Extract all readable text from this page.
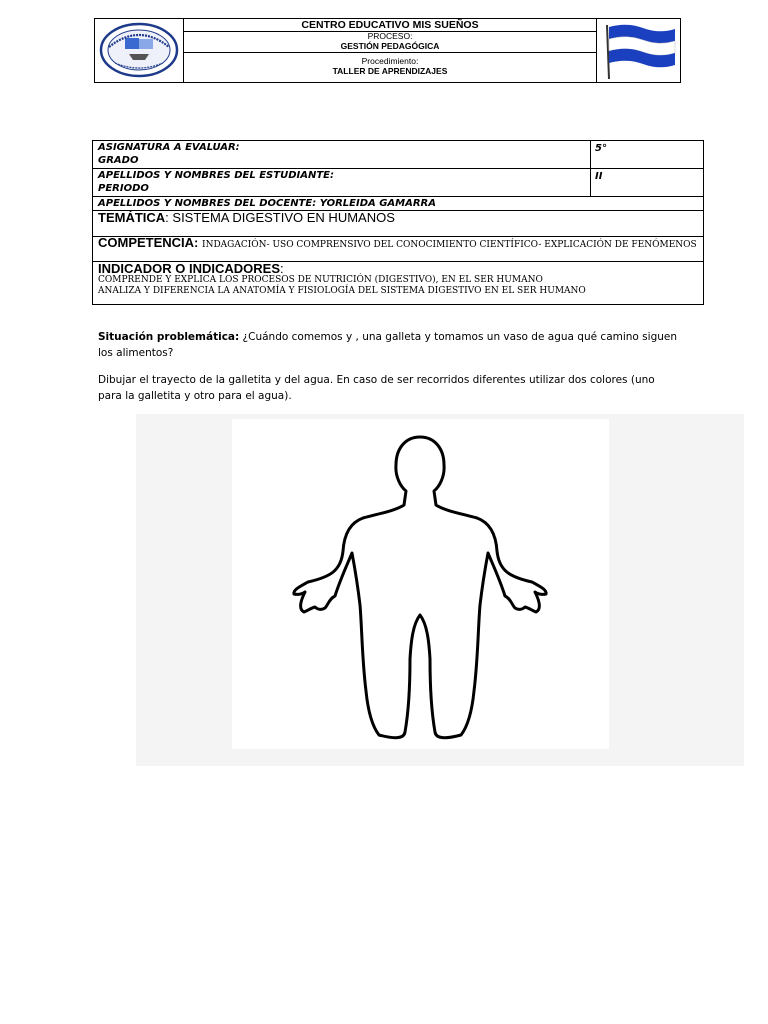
CENTRO EDUCATIVO MIS SUEÑOS
PROCESO:
GESTIÓN PEDAGÓGICA
Procedimiento:
TALLER DE APRENDIZAJES
ASIGNATURA A EVALUAR:
GRADO
5°
APELLIDOS Y NOMBRES DEL ESTUDIANTE:
PERIODO
II
APELLIDOS Y NOMBRES DEL DOCENTE: YORLEIDA GAMARRA
TEMÁTICA: SISTEMA DIGESTIVO EN HUMANOS
COMPETENCIA: INDAGACIÓN- USO COMPRENSIVO DEL CONOCIMIENTO CIENTÍFICO- EXPLICACIÓN DE FENÓMENOS
INDICADOR O INDICADORES:
COMPRENDE Y EXPLICA LOS PROCESOS DE NUTRICIÓN (DIGESTIVO), EN EL SER HUMANO
ANALIZA Y DIFERENCIA LA ANATOMÍA Y FISIOLOGÍA DEL SISTEMA DIGESTIVO EN EL SER HUMANO
Situación problemática: ¿Cuándo comemos y , una galleta y tomamos un vaso de agua qué camino siguen los alimentos?
Dibujar el trayecto de la galletita y del agua. En caso de ser recorridos diferentes utilizar dos colores (uno para la galletita y otro para el agua).
